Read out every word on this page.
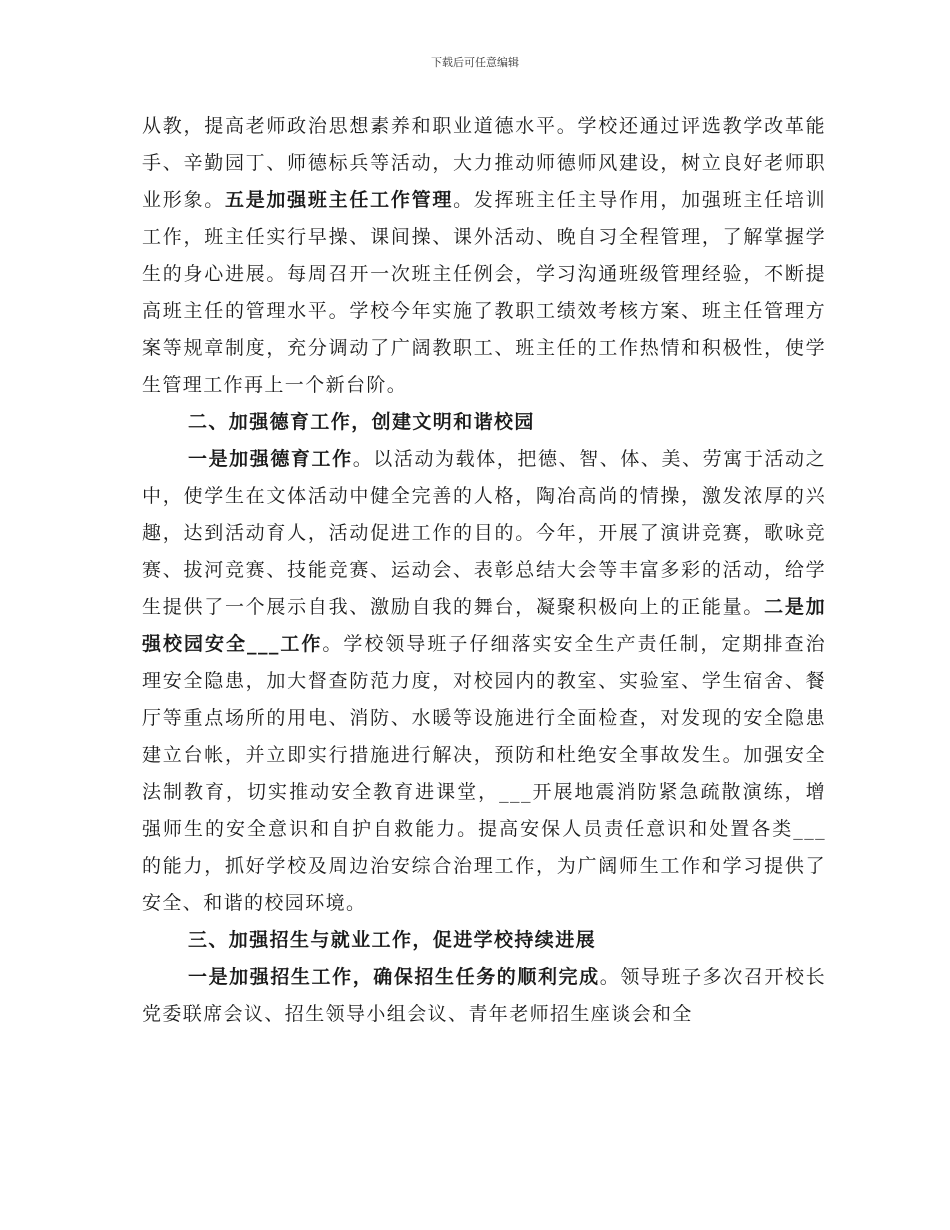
下载后可任意编辑

从教，提高老师政治思想素养和职业道德水平。学校还通过评选教学改革能手、辛勤园丁、师德标兵等活动，大力推动师德师风建设，树立良好老师职业形象。五是加强班主任工作管理。发挥班主任主导作用，加强班主任培训工作，班主任实行早操、课间操、课外活动、晚自习全程管理，了解掌握学生的身心进展。每周召开一次班主任例会，学习沟通班级管理经验，不断提高班主任的管理水平。学校今年实施了教职工绩效考核方案、班主任管理方案等规章制度，充分调动了广阔教职工、班主任的工作热情和积极性，使学生管理工作再上一个新台阶。

二、加强德育工作，创建文明和谐校园

一是加强德育工作。以活动为载体，把德、智、体、美、劳寓于活动之中，使学生在文体活动中健全完善的人格，陶冶高尚的情操，激发浓厚的兴趣，达到活动育人，活动促进工作的目的。今年，开展了演讲竞赛，歌咏竞赛、拔河竞赛、技能竞赛、运动会、表彰总结大会等丰富多彩的活动，给学生提供了一个展示自我、激励自我的舞台，凝聚积极向上的正能量。二是加强校园安全___工作。学校领导班子仔细落实安全生产责任制，定期排查治理安全隐患，加大督查防范力度，对校园内的教室、实验室、学生宿舍、餐厅等重点场所的用电、消防、水暖等设施进行全面检查，对发现的安全隐患建立台帐，并立即实行措施进行解决，预防和杜绝安全事故发生。加强安全法制教育，切实推动安全教育进课堂，___开展地震消防紧急疏散演练，增强师生的安全意识和自护自救能力。提高安保人员责任意识和处置各类___的能力，抓好学校及周边治安综合治理工作，为广阔师生工作和学习提供了安全、和谐的校园环境。

三、加强招生与就业工作，促进学校持续进展

一是加强招生工作，确保招生任务的顺利完成。领导班子多次召开校长党委联席会议、招生领导小组会议、青年老师招生座谈会和全
